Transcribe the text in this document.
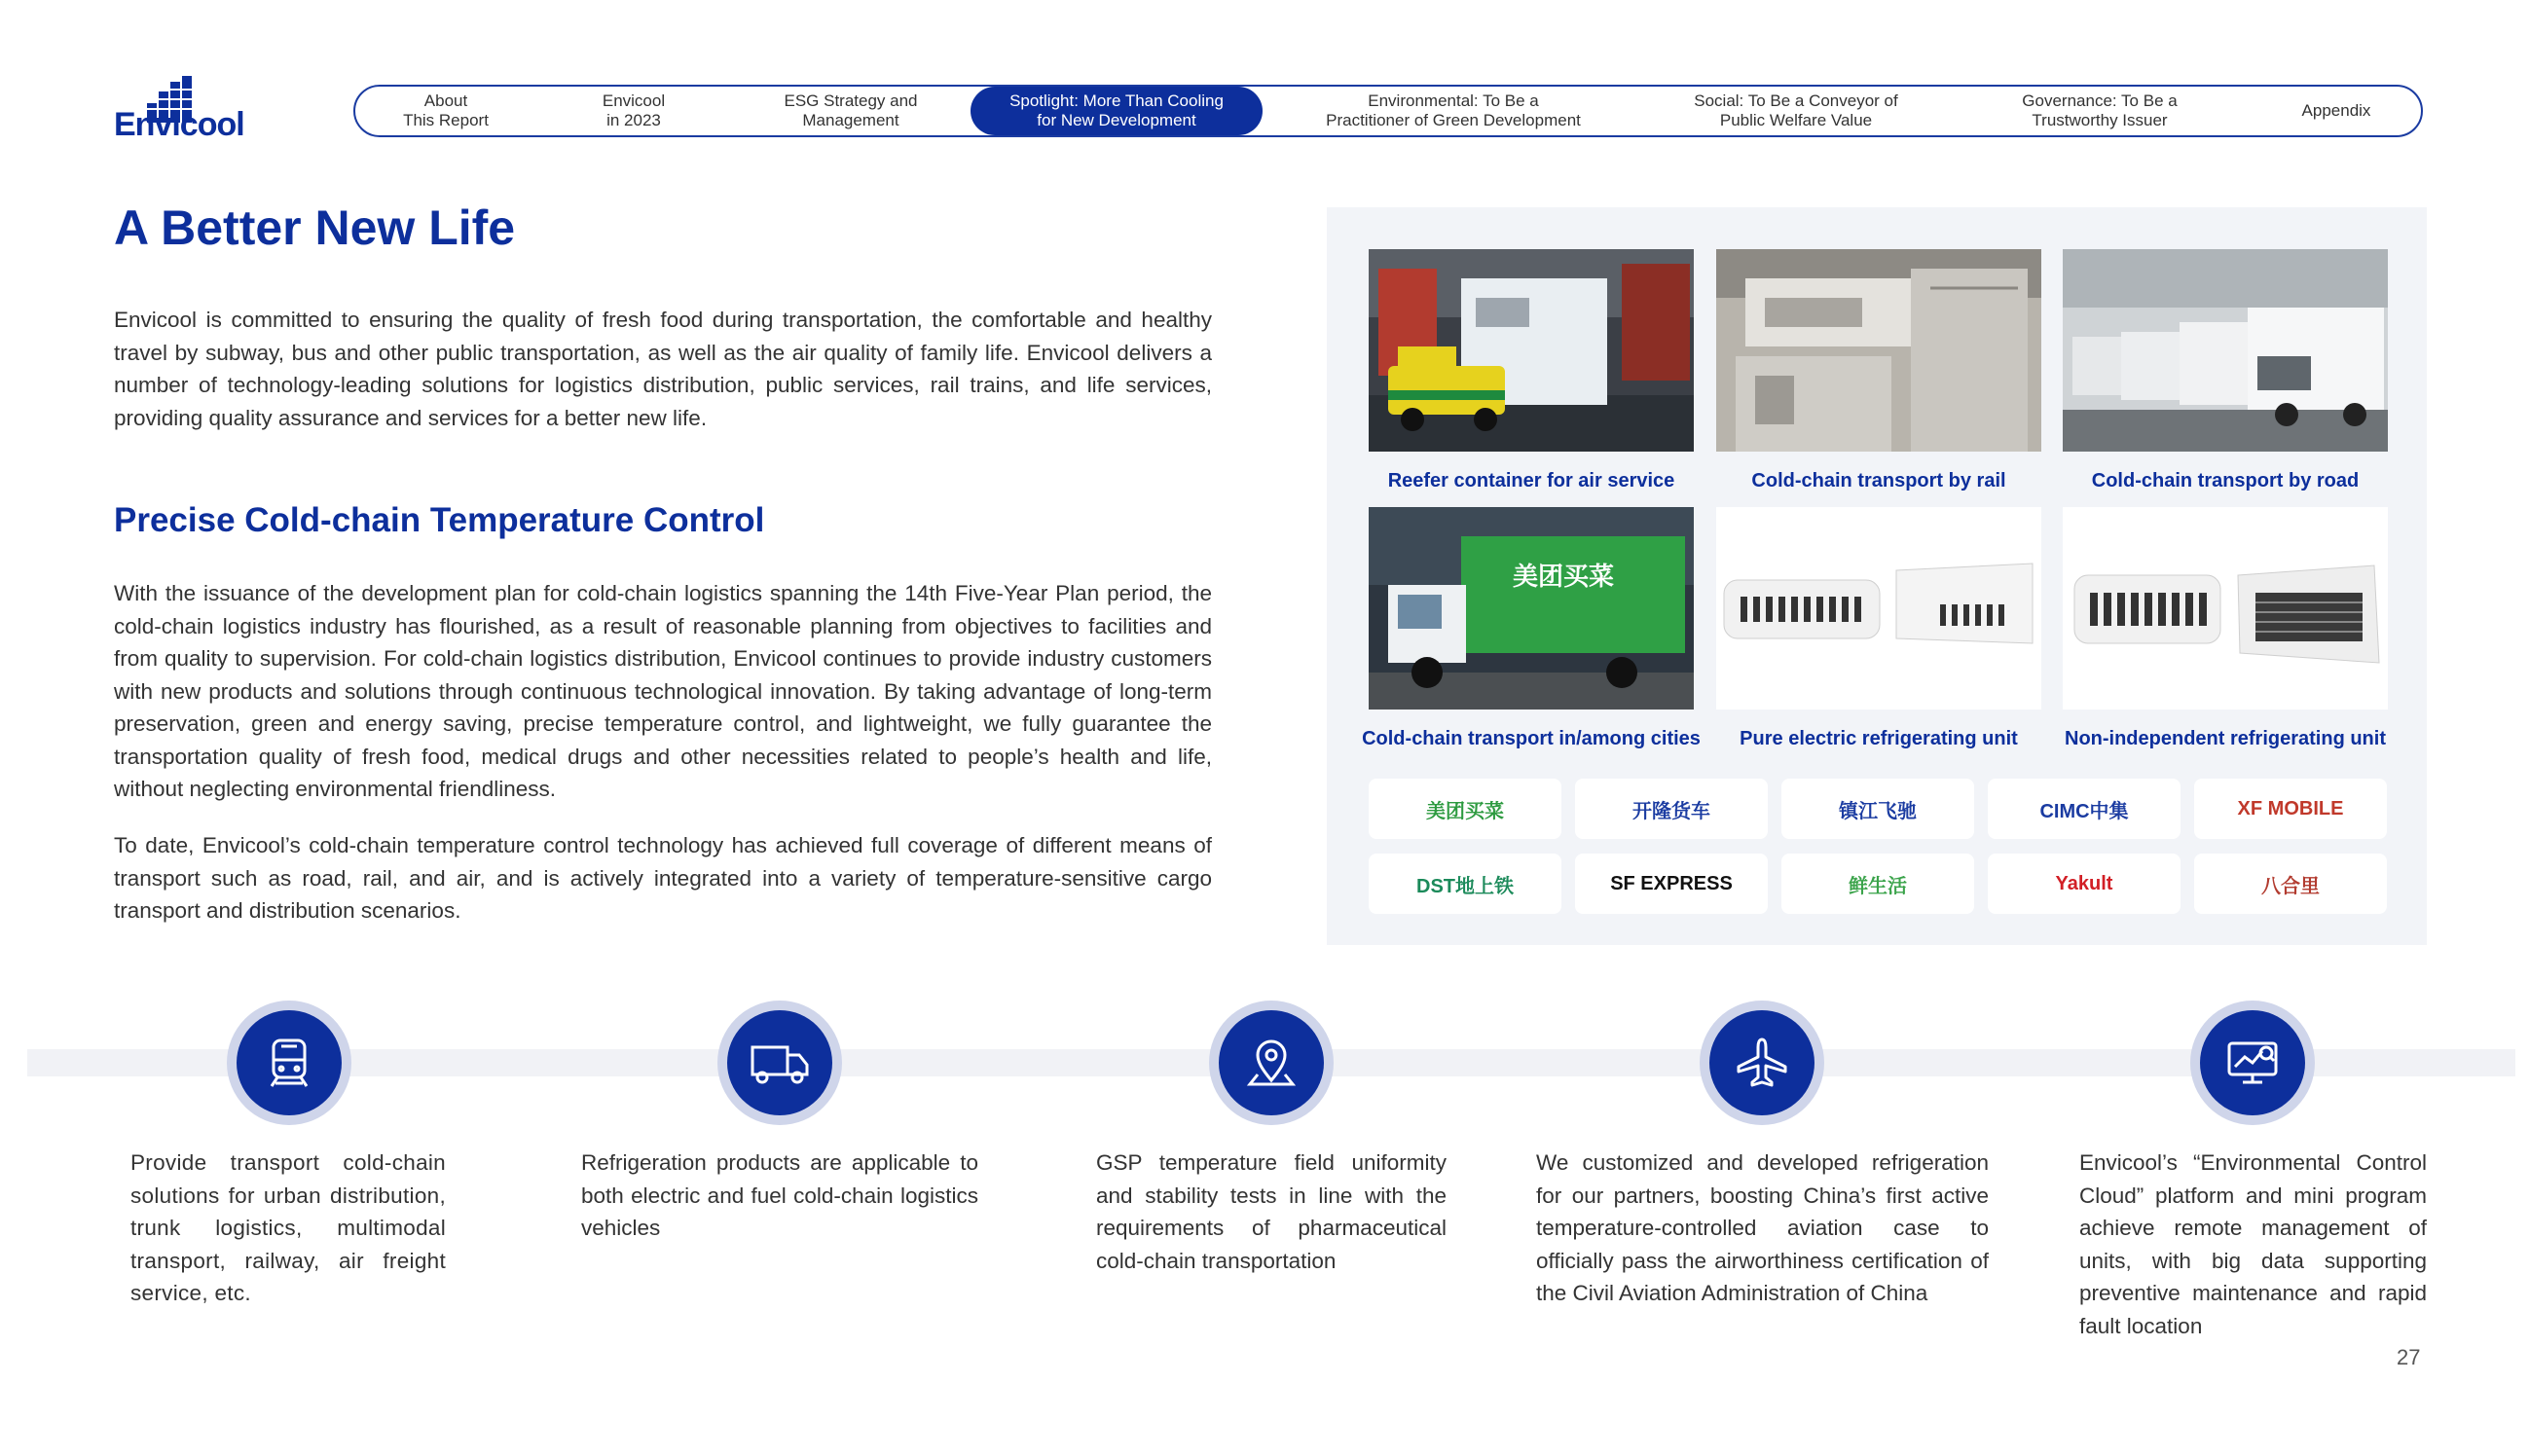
Envicool
About
This Report
Envicool
in 2023
ESG Strategy and
Management
Spotlight: More Than Cooling
for New Development
Environmental: To Be a
Practitioner of Green Development
Social: To Be a Conveyor of
Public Welfare Value
Governance: To Be a
Trustworthy Issuer
Appendix
A Better New Life

Envicool is committed to ensuring the quality of fresh food during transportation, the comfortable and healthy travel by subway, bus and other public transportation, as well as the air quality of family life. Envicool delivers a number of technology-leading solutions for logistics distribution, public services, rail trains, and life services, providing quality assurance and services for a better new life.

Precise Cold-chain Temperature Control

With the issuance of the development plan for cold-chain logistics spanning the 14th Five-Year Plan period, the cold-chain logistics industry has flourished, as a result of reasonable planning from objectives to facilities and from quality to supervision. For cold-chain logistics distribution, Envicool continues to provide industry customers with new products and solutions through continuous technological innovation. By taking advantage of long-term preservation, green and energy saving, precise temperature control, and lightweight, we fully guarantee the transportation quality of fresh food, medical drugs and other necessities related to people’s health and life, without neglecting environmental friendliness.

To date, Envicool’s cold-chain temperature control technology has achieved full coverage of different means of transport such as road, rail, and air, and is actively integrated into a variety of temperature-sensitive cargo transport and distribution scenarios.

Reefer container for air service	Cold-chain transport by rail	Cold-chain transport by road
美团买菜
Cold-chain transport in/among cities	Pure electric refrigerating unit	Non-independent refrigerating unit
美团买菜	开隆货车	镇江飞驰	CIMC中集	XF MOBILE
DST地上铁	SF EXPRESS	鲜生活	Yakult	八合里

Provide transport cold-chain solutions for urban distribution, trunk logistics, multimodal transport, railway, air freight service, etc.

Refrigeration products are applicable to both electric and fuel cold-chain logistics vehicles

GSP temperature field uniformity and stability tests in line with the requirements of pharmaceutical cold-chain transportation

We customized and developed refrigeration for our partners, boosting China’s first active temperature-controlled aviation case to officially pass the airworthiness certification of the Civil Aviation Administration of China

Envicool’s “Environmental Control Cloud” platform and mini program achieve remote management of units, with big data supporting preventive maintenance and rapid fault location

27
